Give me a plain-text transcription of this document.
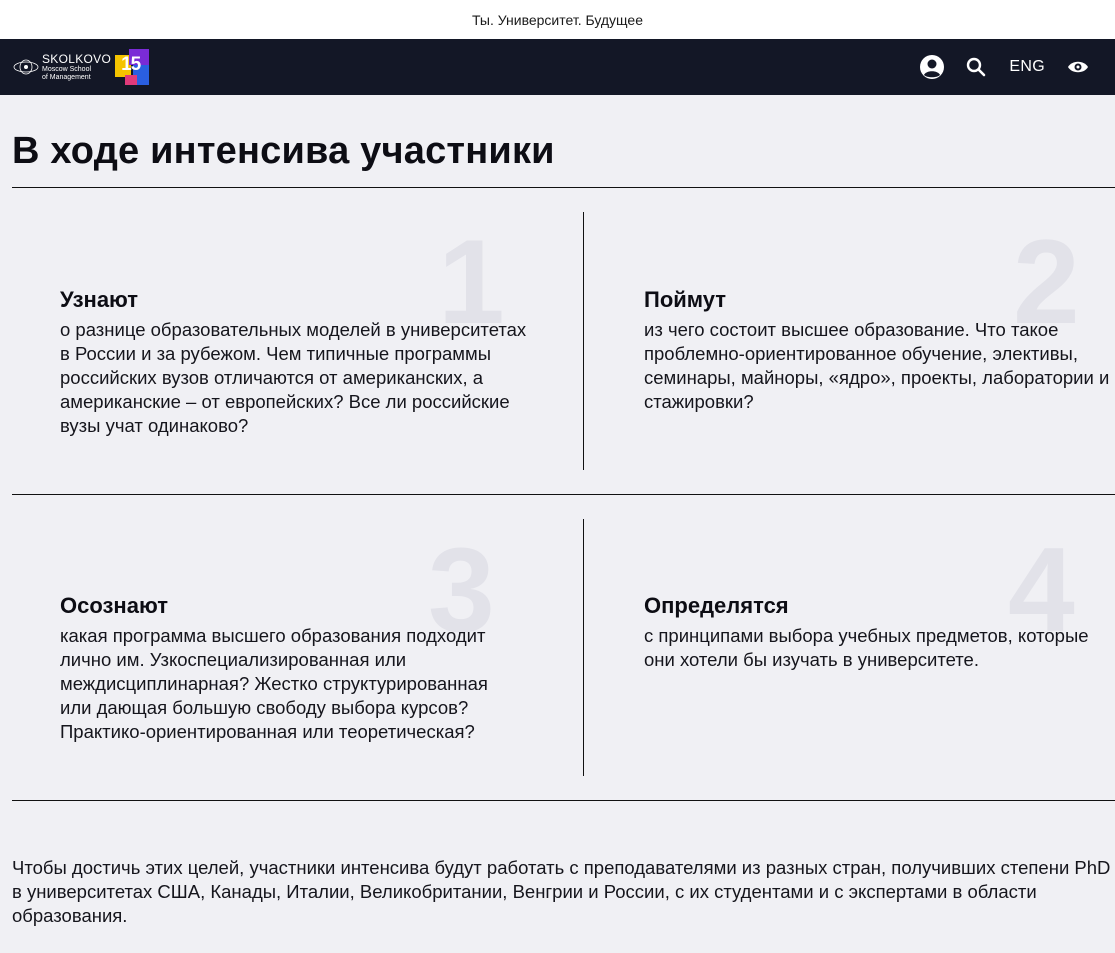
Ты. Университет. Будущее
SKOLKOVO
Moscow School
of Management
15	ENG
В ходе интенсива участники
1
Узнают
о разнице образовательных моделей в университетах в России и за рубежом. Чем типичные программы российских вузов отличаются от американских, а американские – от европейских? Все ли российские вузы учат одинаково?
2
Поймут
из чего состоит высшее образование. Что такое проблемно-ориентированное обучение, элективы, семинары, майноры, «ядро», проекты, лаборатории и стажировки?
3
Осознают
какая программа высшего образования подходит лично им. Узкоспециализированная или междисциплинарная? Жестко структурированная или дающая большую свободу выбора курсов? Практико-ориентированная или теоретическая?
4
Определятся
с принципами выбора учебных предметов, которые они хотели бы изучать в университете.
Чтобы достичь этих целей, участники интенсива будут работать с преподавателями из разных стран, получивших степени PhD в университетах США, Канады, Италии, Великобритании, Венгрии и России, с их студентами и с экспертами в области образования.
